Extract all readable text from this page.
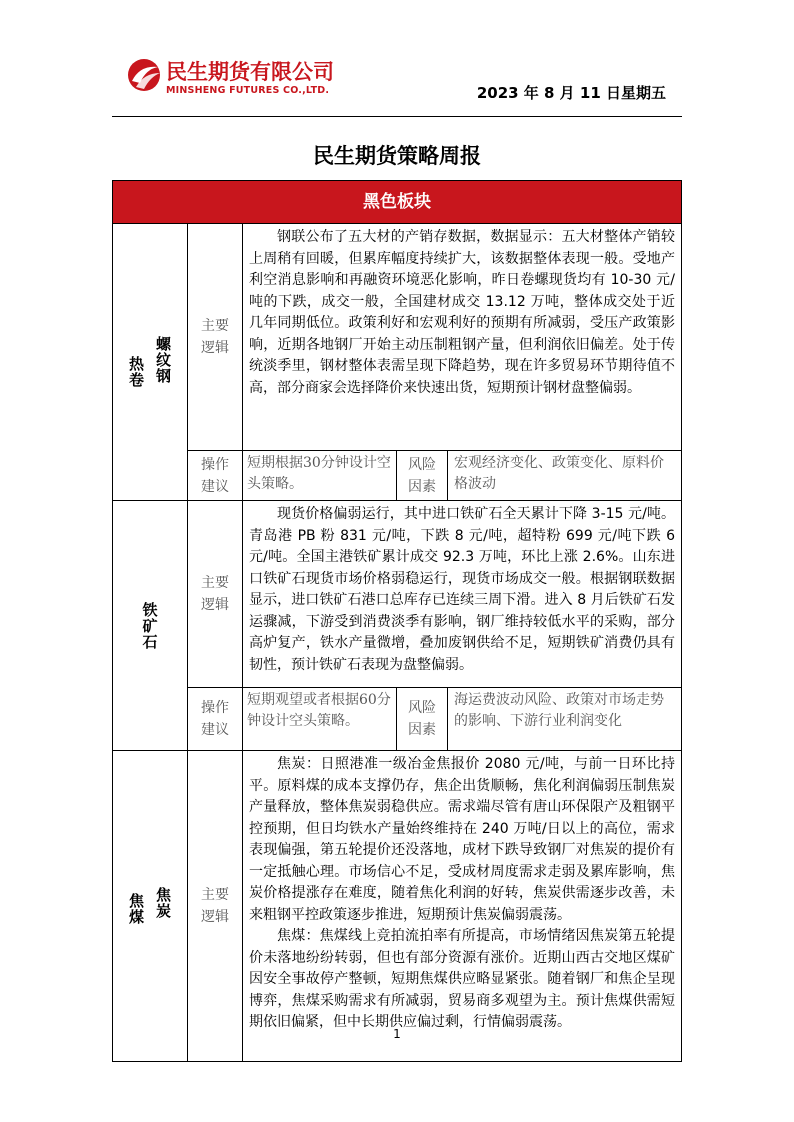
民生期货有限公司
MINSHENG FUTURES CO.,LTD.	2023 年 8 月 11 日星期五
民生期货策略周报
黑色板块
螺纹钢
热卷
主要逻辑

钢联公布了五大材的产销存数据，数据显示：五大材整体产销较上周稍有回暖，但累库幅度持续扩大，该数据整体表现一般。受地产利空消息影响和再融资环境恶化影响，昨日卷螺现货均有 10-30 元/吨的下跌，成交一般，全国建材成交 13.12 万吨，整体成交处于近几年同期低位。政策利好和宏观利好的预期有所减弱，受压产政策影响，近期各地钢厂开始主动压制粗钢产量，但利润依旧偏差。处于传统淡季里，钢材整体表需呈现下降趋势，现在许多贸易环节期待值不高，部分商家会选择降价来快速出货，短期预计钢材盘整偏弱。

操作建议
短期根据30分钟设计空头策略。
风险因素
宏观经济变化、政策变化、原料价格波动
铁矿石
主要逻辑

现货价格偏弱运行，其中进口铁矿石全天累计下降 3-15 元/吨。青岛港 PB 粉 831 元/吨，下跌 8 元/吨，超特粉 699 元/吨下跌 6 元/吨。全国主港铁矿累计成交 92.3 万吨，环比上涨 2.6%。山东进口铁矿石现货市场价格弱稳运行，现货市场成交一般。根据钢联数据显示，进口铁矿石港口总库存已连续三周下滑。进入 8 月后铁矿石发运骤减，下游受到消费淡季有影响，钢厂维持较低水平的采购，部分高炉复产，铁水产量微增，叠加废钢供给不足，短期铁矿消费仍具有韧性，预计铁矿石表现为盘整偏弱。

操作建议
短期观望或者根据60分钟设计空头策略。
风险因素
海运费波动风险、政策对市场走势的影响、下游行业利润变化
焦炭
焦煤	主要逻辑

焦炭：日照港准一级冶金焦报价 2080 元/吨，与前一日环比持平。原料煤的成本支撑仍存，焦企出货顺畅，焦化利润偏弱压制焦炭产量释放，整体焦炭弱稳供应。需求端尽管有唐山环保限产及粗钢平控预期，但日均铁水产量始终维持在 240 万吨/日以上的高位，需求表现偏强，第五轮提价还没落地，成材下跌导致钢厂对焦炭的提价有一定抵触心理。市场信心不足，受成材周度需求走弱及累库影响，焦炭价格提涨存在难度，随着焦化利润的好转，焦炭供需逐步改善，未来粗钢平控政策逐步推进，短期预计焦炭偏弱震荡。

焦煤：焦煤线上竞拍流拍率有所提高，市场情绪因焦炭第五轮提价未落地纷纷转弱，但也有部分资源有涨价。近期山西古交地区煤矿因安全事故停产整顿，短期焦煤供应略显紧张。随着钢厂和焦企呈现博弈，焦煤采购需求有所减弱，贸易商多观望为主。预计焦煤供需短期依旧偏紧，但中长期供应偏过剩，行情偏弱震荡。

1
